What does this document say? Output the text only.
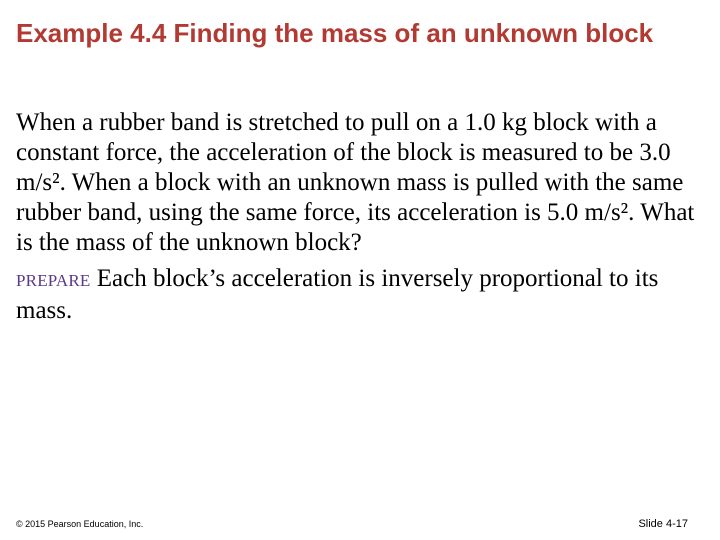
Example 4.4 Finding the mass of an unknown block

When a rubber band is stretched to pull on a 1.0 kg block with a constant force, the acceleration of the block is measured to be 3.0 m/s². When a block with an unknown mass is pulled with the same rubber band, using the same force, its acceleration is 5.0 m/s². What is the mass of the unknown block?

PREPARE Each block’s acceleration is inversely proportional to its mass.

© 2015 Pearson Education, Inc.	Slide 4-17
